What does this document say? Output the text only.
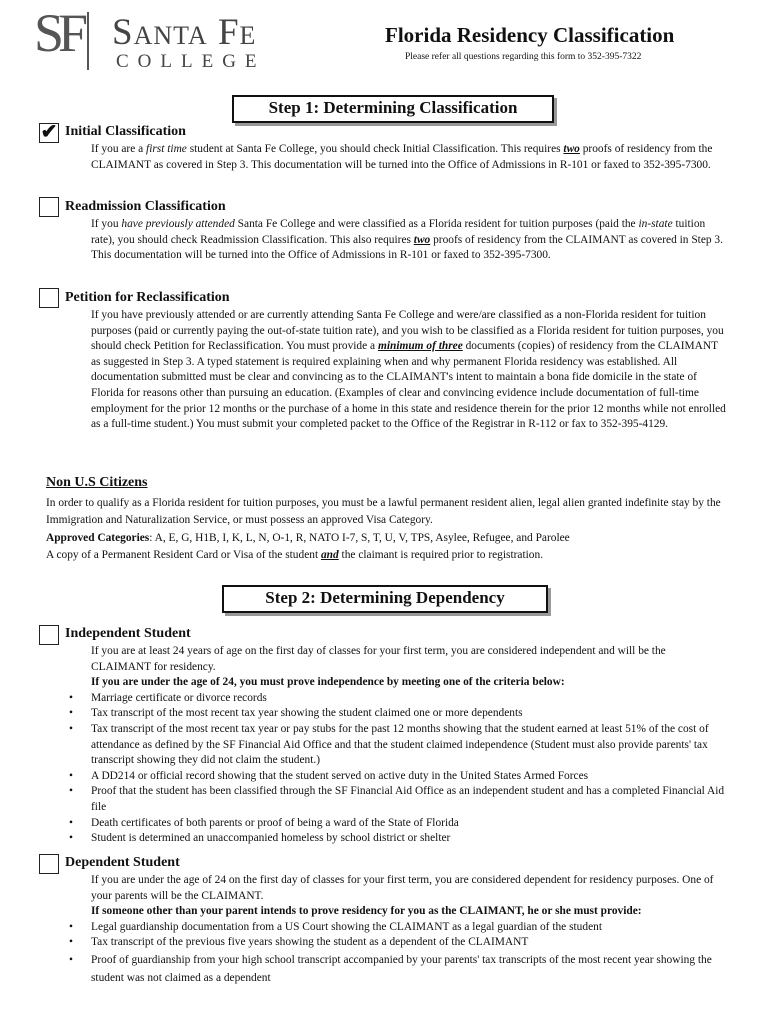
SF Santa Fe
COLLEGE
Florida Residency Classification
Please refer all questions regarding this form to 352-395-7322
Step 1: Determining Classification
✔ Initial Classification
If you are a first time student at Santa Fe College, you should check Initial Classification. This requires two proofs of residency from the CLAIMANT as covered in Step 3. This documentation will be turned into the Office of Admissions in R-101 or faxed to 352-395-7300.
Readmission Classification
If you have previously attended Santa Fe College and were classified as a Florida resident for tuition purposes (paid the in-state tuition rate), you should check Readmission Classification. This also requires two proofs of residency from the CLAIMANT as covered in Step 3. This documentation will be turned into the Office of Admissions in R-101 or faxed to 352-395-7300.
Petition for Reclassification
If you have previously attended or are currently attending Santa Fe College and were/are classified as a non-Florida resident for tuition purposes (paid or currently paying the out-of-state tuition rate), and you wish to be classified as a Florida resident for tuition purposes, you should check Petition for Reclassification. You must provide a minimum of three documents (copies) of residency from the CLAIMANT as suggested in Step 3. A typed statement is required explaining when and why permanent Florida residency was established. All documentation submitted must be clear and convincing as to the CLAIMANT's intent to maintain a bona fide domicile in the state of Florida for reasons other than pursuing an education. (Examples of clear and convincing evidence include documentation of full-time employment for the prior 12 months or the purchase of a home in this state and residence therein for the prior 12 months while not enrolled as a full-time student.) You must submit your completed packet to the Office of the Registrar in R-112 or fax to 352-395-4129.
Non U.S Citizens
In order to qualify as a Florida resident for tuition purposes, you must be a lawful permanent resident alien, legal alien granted indefinite stay by the Immigration and Naturalization Service, or must possess an approved Visa Category.
Approved Categories: A, E, G, H1B, I, K, L, N, O-1, R, NATO I-7, S, T, U, V, TPS, Asylee, Refugee, and Parolee
A copy of a Permanent Resident Card or Visa of the student and the claimant is required prior to registration.
Step 2: Determining Dependency
Independent Student
If you are at least 24 years of age on the first day of classes for your first term, you are considered independent and will be the CLAIMANT for residency.
If you are under the age of 24, you must prove independence by meeting one of the criteria below:
• Marriage certificate or divorce records
• Tax transcript of the most recent tax year showing the student claimed one or more dependents
• Tax transcript of the most recent tax year or pay stubs for the past 12 months showing that the student earned at least 51% of the cost of attendance as defined by the SF Financial Aid Office and that the student claimed independence (Student must also provide parents' tax transcript showing they did not claim the student.)
• A DD214 or official record showing that the student served on active duty in the United States Armed Forces
• Proof that the student has been classified through the SF Financial Aid Office as an independent student and has a completed Financial Aid file
• Death certificates of both parents or proof of being a ward of the State of Florida
• Student is determined an unaccompanied homeless by school district or shelter
Dependent Student
If you are under the age of 24 on the first day of classes for your first term, you are considered dependent for residency purposes. One of your parents will be the CLAIMANT.
If someone other than your parent intends to prove residency for you as the CLAIMANT, he or she must provide:
• Legal guardianship documentation from a US Court showing the CLAIMANT as a legal guardian of the student
• Tax transcript of the previous five years showing the student as a dependent of the CLAIMANT
• Proof of guardianship from your high school transcript accompanied by your parents' tax transcripts of the most recent year showing the student was not claimed as a dependent
